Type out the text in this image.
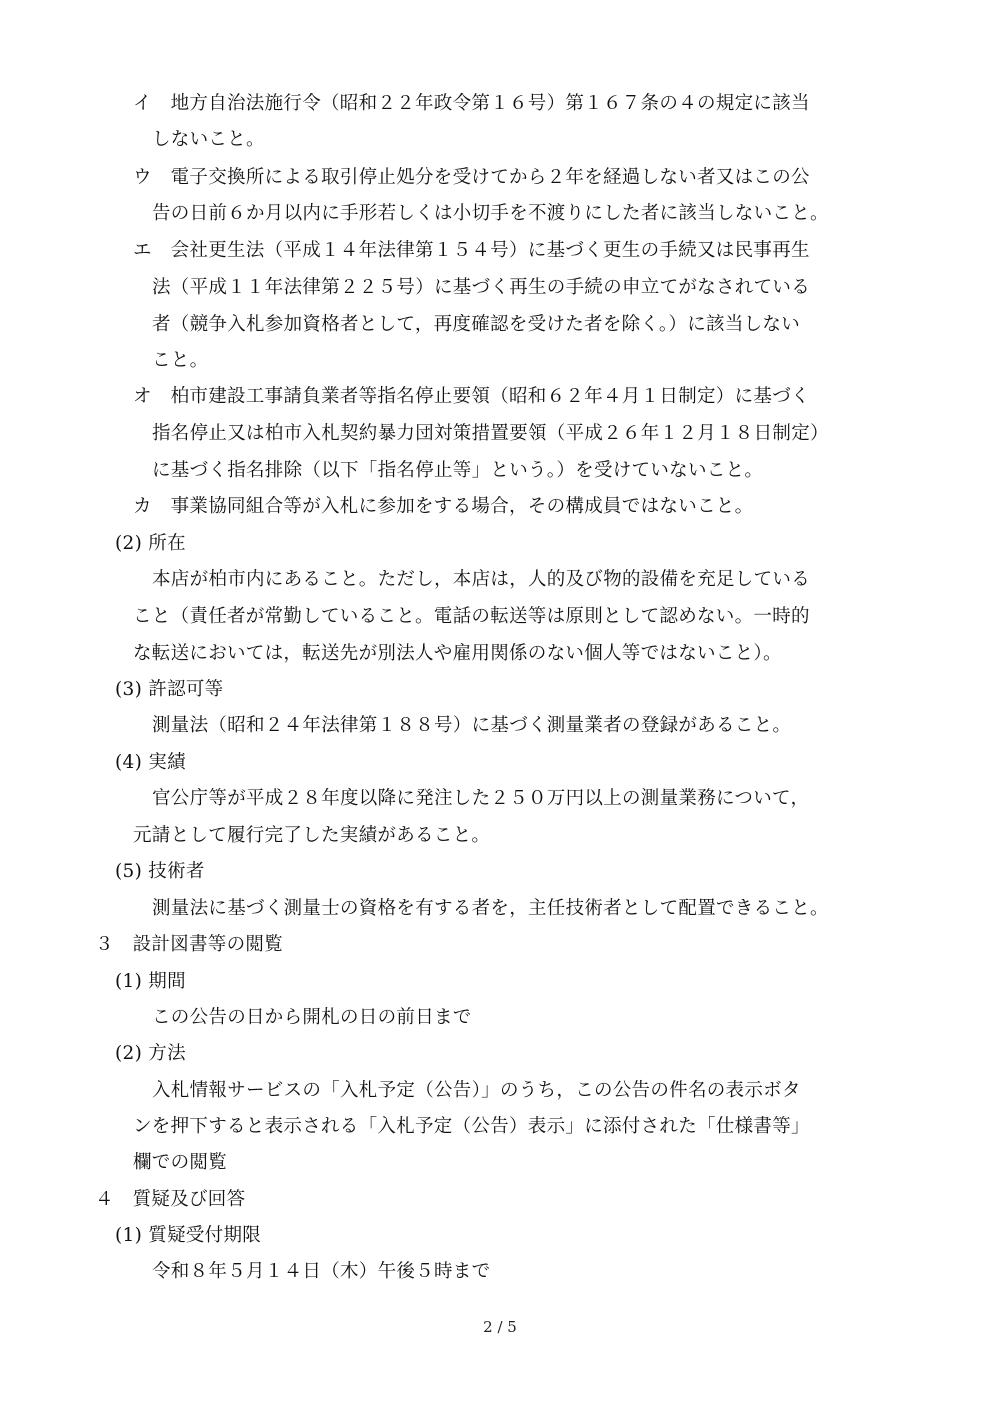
イ　地方自治法施行令（昭和２２年政令第１６号）第１６７条の４の規定に該当
しないこと。
ウ　電子交換所による取引停止処分を受けてから２年を経過しない者又はこの公
告の日前６か月以内に手形若しくは小切手を不渡りにした者に該当しないこと。
エ　会社更生法（平成１４年法律第１５４号）に基づく更生の手続又は民事再生
法（平成１１年法律第２２５号）に基づく再生の手続の申立てがなされている
者（競争入札参加資格者として，再度確認を受けた者を除く。）に該当しない
こと。
オ　柏市建設工事請負業者等指名停止要領（昭和６２年４月１日制定）に基づく
指名停止又は柏市入札契約暴力団対策措置要領（平成２６年１２月１８日制定）
に基づく指名排除（以下「指名停止等」という。）を受けていないこと。
カ　事業協同組合等が入札に参加をする場合，その構成員ではないこと。
(2) 所在
本店が柏市内にあること。ただし，本店は，人的及び物的設備を充足している
こと（責任者が常勤していること。電話の転送等は原則として認めない。一時的
な転送においては，転送先が別法人や雇用関係のない個人等ではないこと）。
(3) 許認可等
測量法（昭和２４年法律第１８８号）に基づく測量業者の登録があること。
(4) 実績
官公庁等が平成２８年度以降に発注した２５０万円以上の測量業務について，
元請として履行完了した実績があること。
(5) 技術者
測量法に基づく測量士の資格を有する者を，主任技術者として配置できること。
３　設計図書等の閲覧
(1) 期間
この公告の日から開札の日の前日まで
(2) 方法
入札情報サービスの「入札予定（公告）」のうち，この公告の件名の表示ボタ
ンを押下すると表示される「入札予定（公告）表示」に添付された「仕様書等」
欄での閲覧
４　質疑及び回答
(1) 質疑受付期限
令和８年５月１４日（木）午後５時まで
2 / 5
